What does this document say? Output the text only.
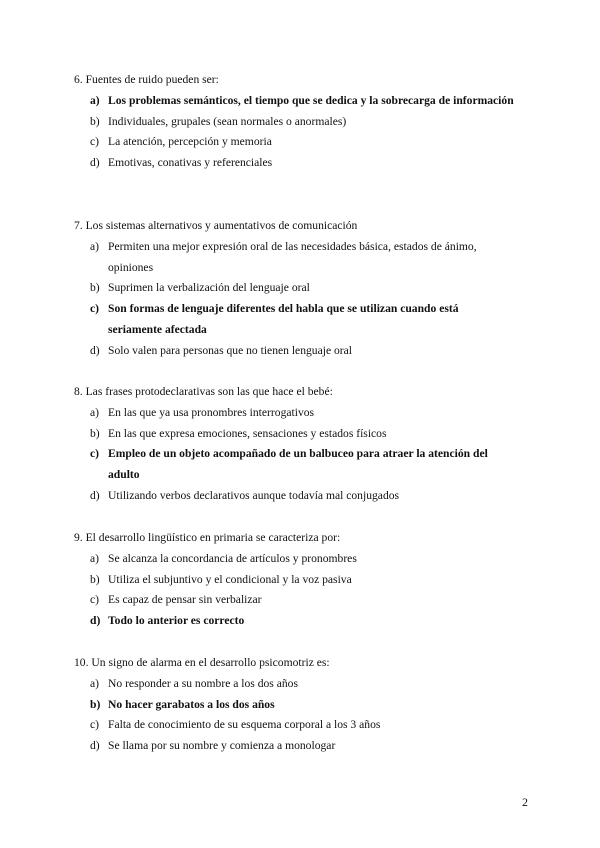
6. Fuentes de ruido pueden ser:

a) Los problemas semánticos, el tiempo que se dedica y la sobrecarga de información
b) Individuales, grupales (sean normales o anormales)
c) La atención, percepción y memoria
d) Emotivas, conativas y referenciales

7. Los sistemas alternativos y aumentativos de comunicación

a) Permiten una mejor expresión oral de las necesidades básica, estados de ánimo, opiniones
b) Suprimen la verbalización del lenguaje oral
c) Son formas de lenguaje diferentes del habla que se utilizan cuando está seriamente afectada
d) Solo valen para personas que no tienen lenguaje oral

8. Las frases protodeclarativas son las que hace el bebé:

a) En las que ya usa pronombres interrogativos
b) En las que expresa emociones, sensaciones y estados físicos
c) Empleo de un objeto acompañado de un balbuceo para atraer la atención del adulto
d) Utilizando verbos declarativos aunque todavía mal conjugados

9. El desarrollo lingüístico en primaria se caracteriza por:

a) Se alcanza la concordancia de artículos y pronombres
b) Utiliza el subjuntivo y el condicional y la voz pasiva
c) Es capaz de pensar sin verbalizar
d) Todo lo anterior es correcto

10. Un signo de alarma en el desarrollo psicomotriz es:

a) No responder a su nombre a los dos años
b) No hacer garabatos a los dos años
c) Falta de conocimiento de su esquema corporal a los 3 años
d) Se llama por su nombre y comienza a monologar
2
